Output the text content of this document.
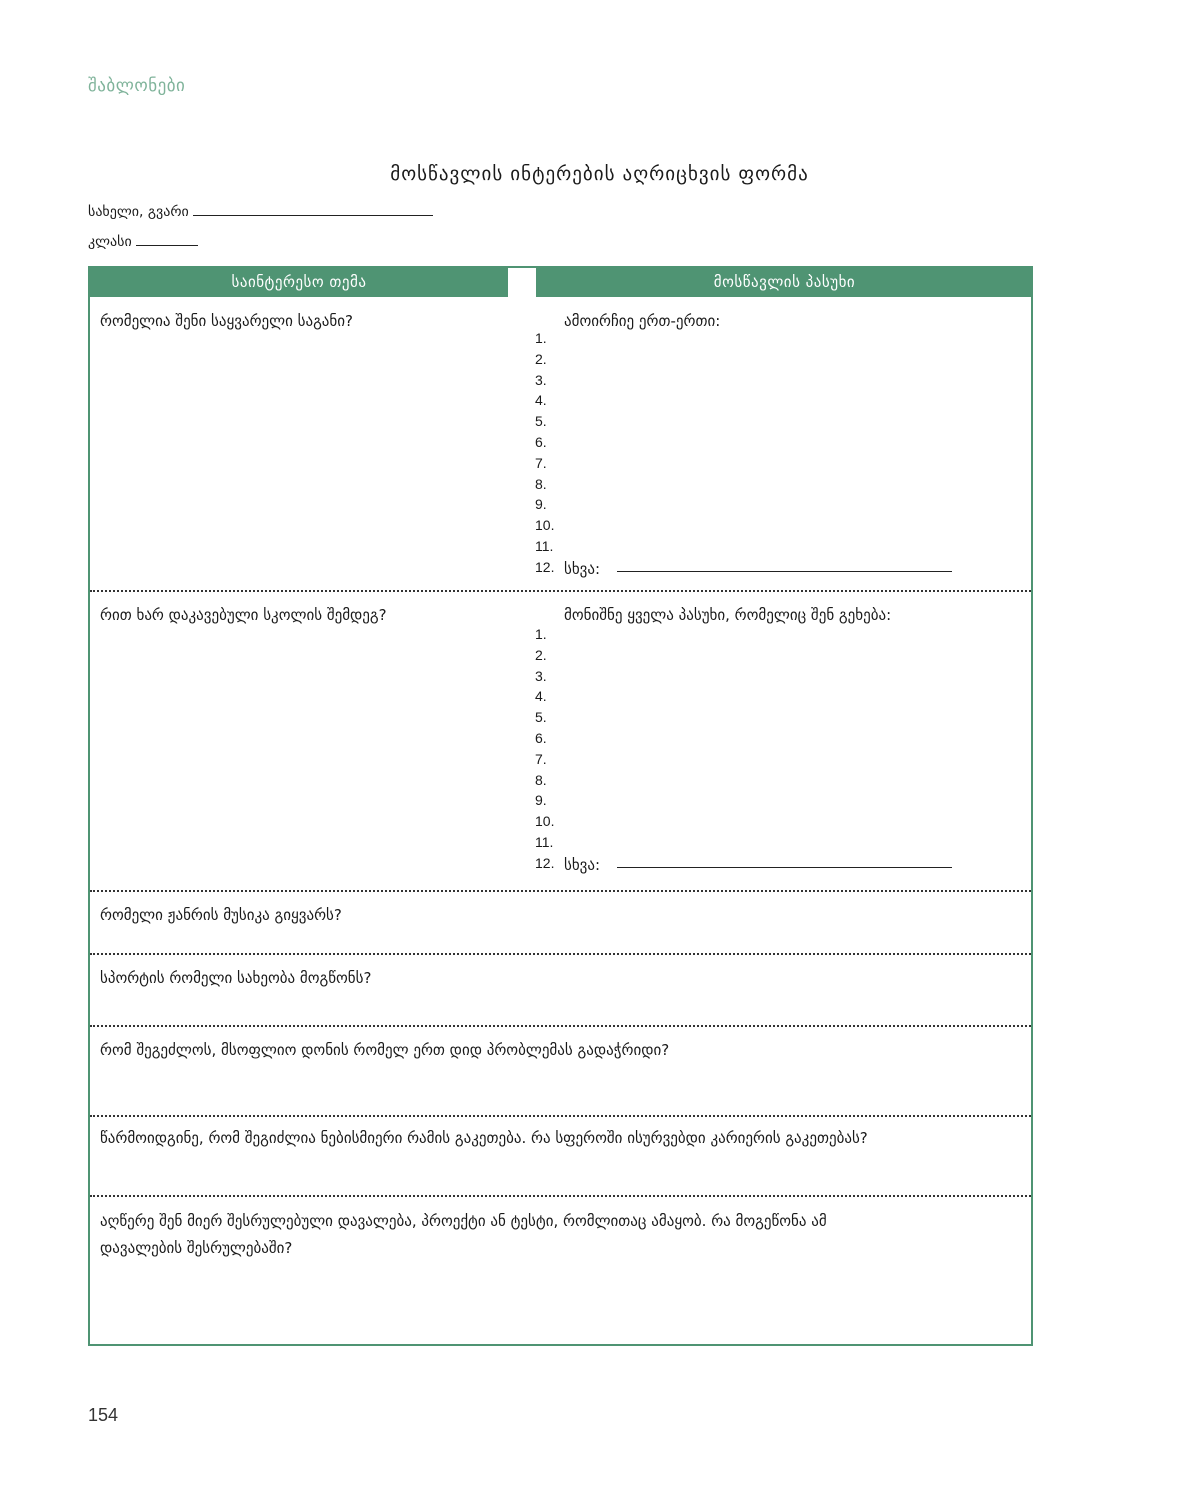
შაბლონები
მოსწავლის ინტერების აღრიცხვის ფორმა
სახელი, გვარი
კლასი
საინტერესო თემა	მოსწავლის პასუხი
რომელია შენი საყვარელი საგანი?	ამოირჩიე ერთ-ერთი:
1.
2.
3.
4.
5.
6.
7.
8.
9.
10.
11.
12. სხვა:
რით ხარ დაკავებული სკოლის შემდეგ?	მონიშნე ყველა პასუხი, რომელიც შენ გეხება:
1.
2.
3.
4.
5.
6.
7.
8.
9.
10.
11.
12. სხვა:
რომელი ჟანრის მუსიკა გიყვარს?
სპორტის რომელი სახეობა მოგწონს?
რომ შეგეძლოს, მსოფლიო დონის რომელ ერთ დიდ პრობლემას გადაჭრიდი?
წარმოიდგინე, რომ შეგიძლია ნებისმიერი რამის გაკეთება. რა სფეროში ისურვებდი კარიერის გაკეთებას?
აღწერე შენ მიერ შესრულებული დავალება, პროექტი ან ტესტი, რომლითაც ამაყობ. რა მოგეწონა ამ
დავალების შესრულებაში?
154
